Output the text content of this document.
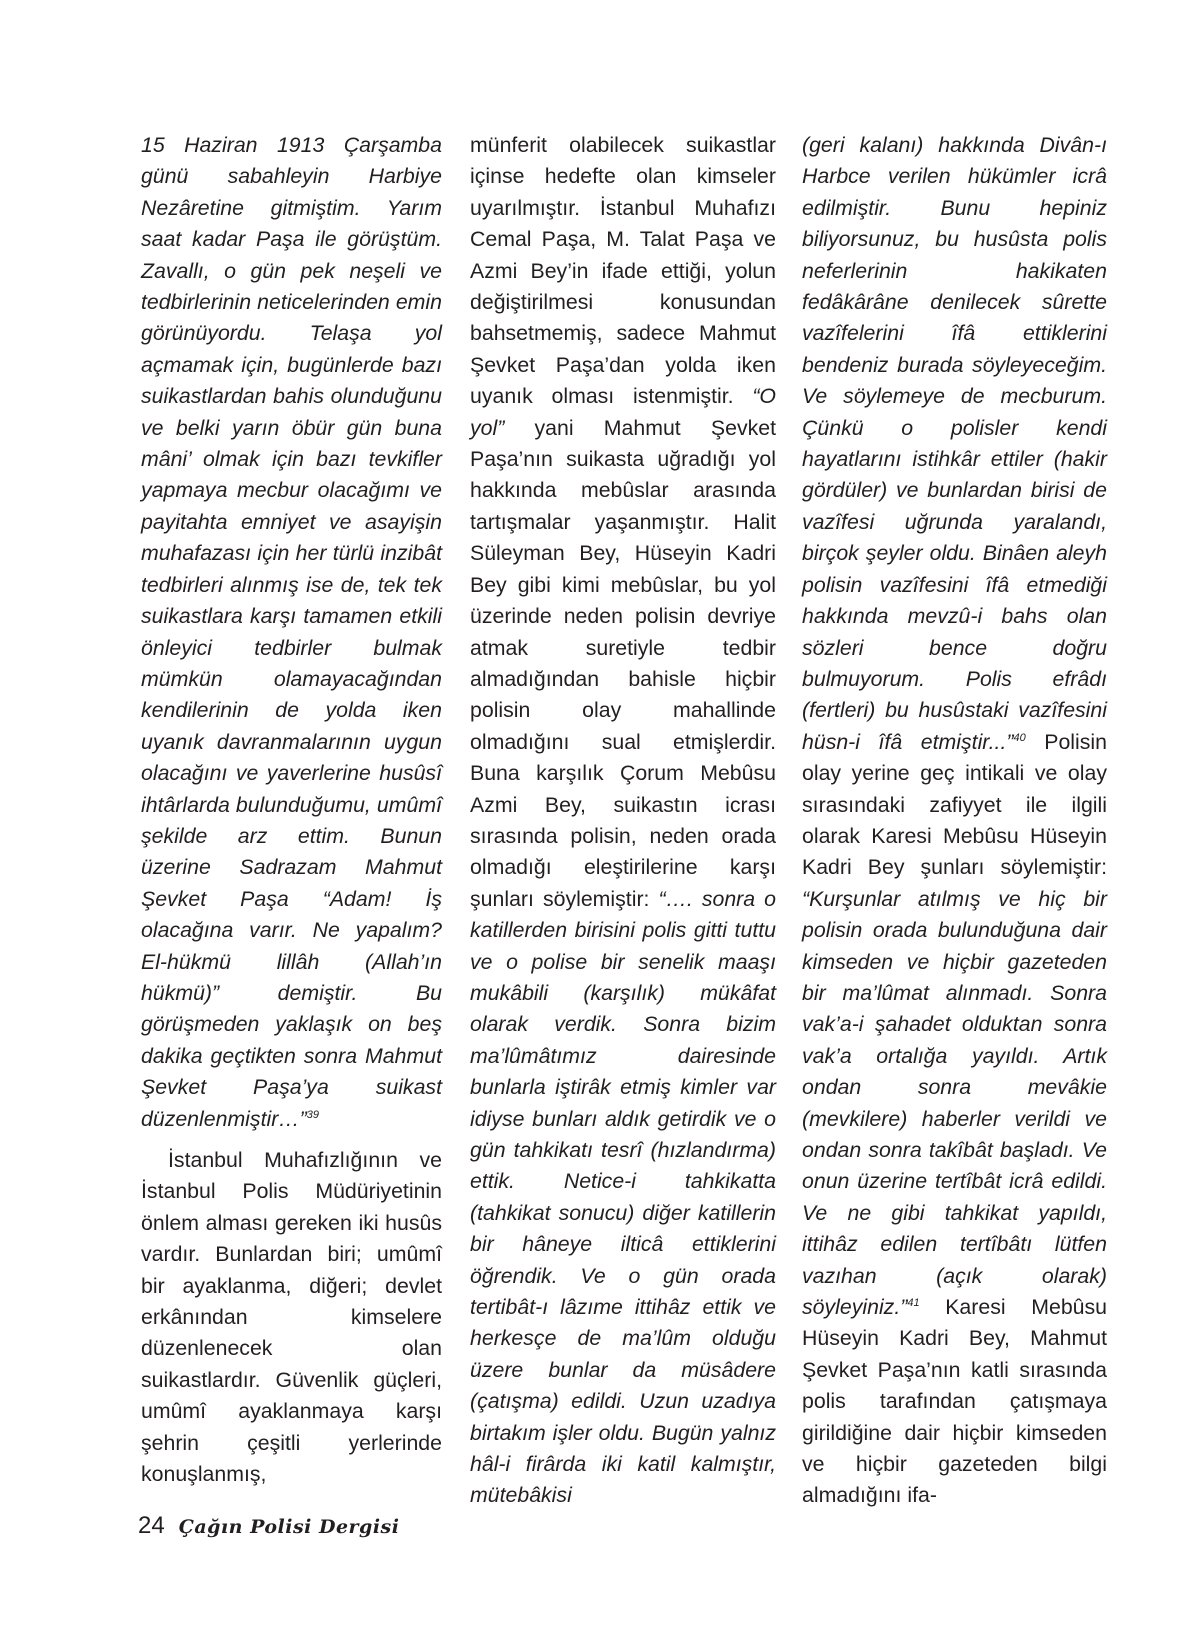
15 Haziran 1913 Çarşamba günü sabahleyin Harbiye Nezâretine gitmiştim. Yarım saat kadar Paşa ile görüştüm. Zavallı, o gün pek neşeli ve tedbirlerinin neticelerinden emin görünüyordu. Telaşa yol açmamak için, bugünlerde bazı suikastlardan bahis olunduğunu ve belki yarın öbür gün buna mâni’ olmak için bazı tevkifler yapmaya mecbur olacağımı ve payitahta emniyet ve asayişin muhafazası için her türlü inzibât tedbirleri alınmış ise de, tek tek suikastlara karşı tamamen etkili önleyici tedbirler bulmak mümkün olamayacağından kendilerinin de yolda iken uyanık davranmalarının uygun olacağını ve yaverlerine husûsî ihtârlarda bulunduğumu, umûmî şekilde arz ettim. Bunun üzerine Sadrazam Mahmut Şevket Paşa “Adam! İş olacağına varır. Ne yapalım? El-hükmü lillâh (Allah’ın hükmü)” demiştir. Bu görüşmeden yaklaşık on beş dakika geçtikten sonra Mahmut Şevket Paşa’ya suikast düzenlenmiştir…”$^{39}$

İstanbul Muhafızlığının ve İstanbul Polis Müdüriyetinin önlem alması gereken iki husûs vardır. Bunlardan biri; umûmî bir ayaklanma, diğeri; devlet erkânından kimselere düzenlenecek olan suikastlardır. Güvenlik güçleri, umûmî ayaklanmaya karşı şehrin çeşitli yerlerinde konuşlanmış,

münferit olabilecek suikastlar içinse hedefte olan kimseler uyarılmıştır. İstanbul Muhafızı Cemal Paşa, M. Talat Paşa ve Azmi Bey’in ifade ettiği, yolun değiştirilmesi konusundan bahsetmemiş, sadece Mahmut Şevket Paşa’dan yolda iken uyanık olması istenmiştir. “O yol” yani Mahmut Şevket Paşa’nın suikasta uğradığı yol hakkında mebûslar arasında tartışmalar yaşanmıştır. Halit Süleyman Bey, Hüseyin Kadri Bey gibi kimi mebûslar, bu yol üzerinde neden polisin devriye atmak suretiyle tedbir almadığından bahisle hiçbir polisin olay mahallinde olmadığını sual etmişlerdir. Buna karşılık Çorum Mebûsu Azmi Bey, suikastın icrası sırasında polisin, neden orada olmadığı eleştirilerine karşı şunları söylemiştir: “…. sonra o katillerden birisini polis gitti tuttu ve o polise bir senelik maaşı mukâbili (karşılık) mükâfat olarak verdik. Sonra bizim ma’lûmâtımız dairesinde bunlarla iştirâk etmiş kimler var idiyse bunları aldık getirdik ve o gün tahkikatı tesrî (hızlandırma) ettik. Netice-i tahkikatta (tahkikat sonucu) diğer katillerin bir hâneye ilticâ ettiklerini öğrendik. Ve o gün orada tertibât-ı lâzıme ittihâz ettik ve herkesçe de ma’lûm olduğu üzere bunlar da müsâdere (çatışma) edildi. Uzun uzadıya birtakım işler oldu. Bugün yalnız hâl-i firârda iki katil kalmıştır, mütebâkisi

(geri kalanı) hakkında Divân-ı Harbce verilen hükümler icrâ edilmiştir. Bunu hepiniz biliyorsunuz, bu husûsta polis neferlerinin hakikaten fedâkârâne denilecek sûrette vazîfelerini îfâ ettiklerini bendeniz burada söyleyeceğim. Ve söylemeye de mecburum. Çünkü o polisler kendi hayatlarını istihkâr ettiler (hakir gördüler) ve bunlardan birisi de vazîfesi uğrunda yaralandı, birçok şeyler oldu. Binâen aleyh polisin vazîfesini îfâ etmediği hakkında mevzû-i bahs olan sözleri bence doğru bulmuyorum. Polis efrâdı (fertleri) bu husûstaki vazîfesini hüsn-i îfâ etmiştir...”$^{40}$ Polisin olay yerine geç intikali ve olay sırasındaki zafiyyet ile ilgili olarak Karesi Mebûsu Hüseyin Kadri Bey şunları söylemiştir: “Kurşunlar atılmış ve hiç bir polisin orada bulunduğuna dair kimseden ve hiçbir gazeteden bir ma’lûmat alınmadı. Sonra vak’a-i şahadet olduktan sonra vak’a ortalığa yayıldı. Artık ondan sonra mevâkie (mevkilere) haberler verildi ve ondan sonra takîbât başladı. Ve onun üzerine tertîbât icrâ edildi. Ve ne gibi tahkikat yapıldı, ittihâz edilen tertîbâtı lütfen vazıhan (açık olarak) söyleyiniz.”$^{41}$ Karesi Mebûsu Hüseyin Kadri Bey, Mahmut Şevket Paşa’nın katli sırasında polis tarafından çatışmaya girildiğine dair hiçbir kimseden ve hiçbir gazeteden bilgi almadığını ifa-

24 Çağın Polisi Dergisi
